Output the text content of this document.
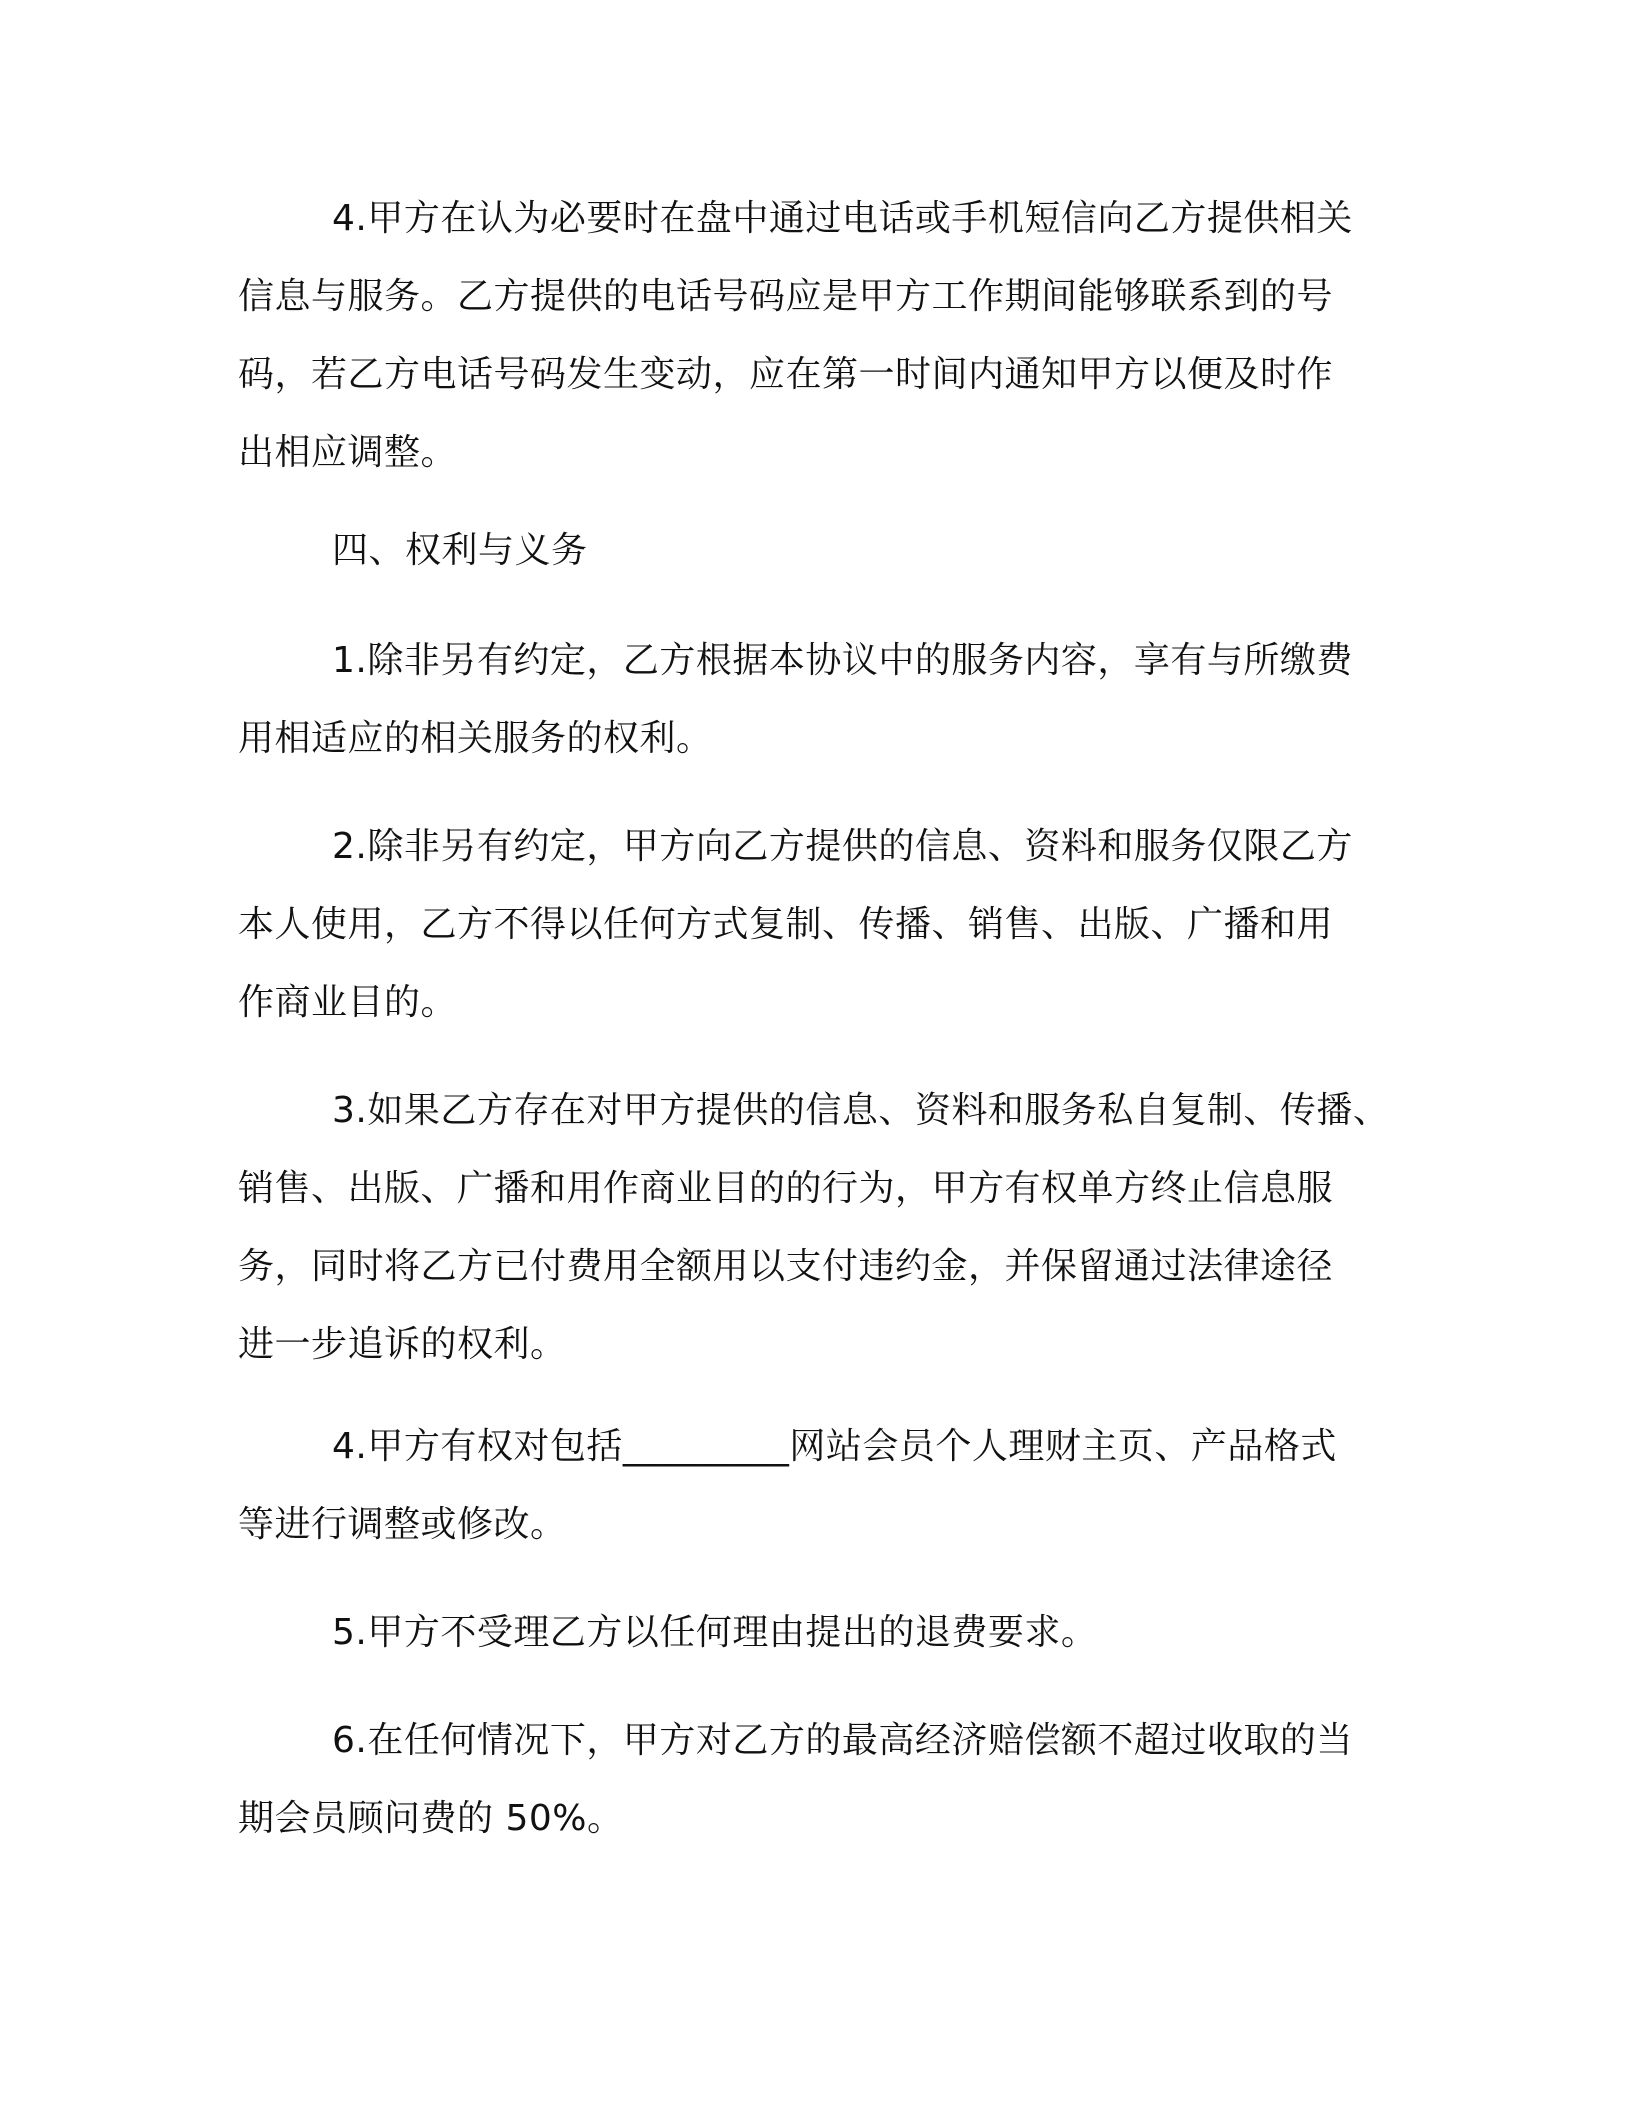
4.甲方在认为必要时在盘中通过电话或手机短信向乙方提供相关
信息与服务。乙方提供的电话号码应是甲方工作期间能够联系到的号
码，若乙方电话号码发生变动，应在第一时间内通知甲方以便及时作
出相应调整。
四、权利与义务
1.除非另有约定，乙方根据本协议中的服务内容，享有与所缴费
用相适应的相关服务的权利。
2.除非另有约定，甲方向乙方提供的信息、资料和服务仅限乙方
本人使用，乙方不得以任何方式复制、传播、销售、出版、广播和用
作商业目的。
3.如果乙方存在对甲方提供的信息、资料和服务私自复制、传播、
销售、出版、广播和用作商业目的的行为，甲方有权单方终止信息服
务，同时将乙方已付费用全额用以支付违约金，并保留通过法律途径
进一步追诉的权利。
4.甲方有权对包括_________网站会员个人理财主页、产品格式
等进行调整或修改。
5.甲方不受理乙方以任何理由提出的退费要求。
6.在任何情况下，甲方对乙方的最高经济赔偿额不超过收取的当
期会员顾问费的 50%。
